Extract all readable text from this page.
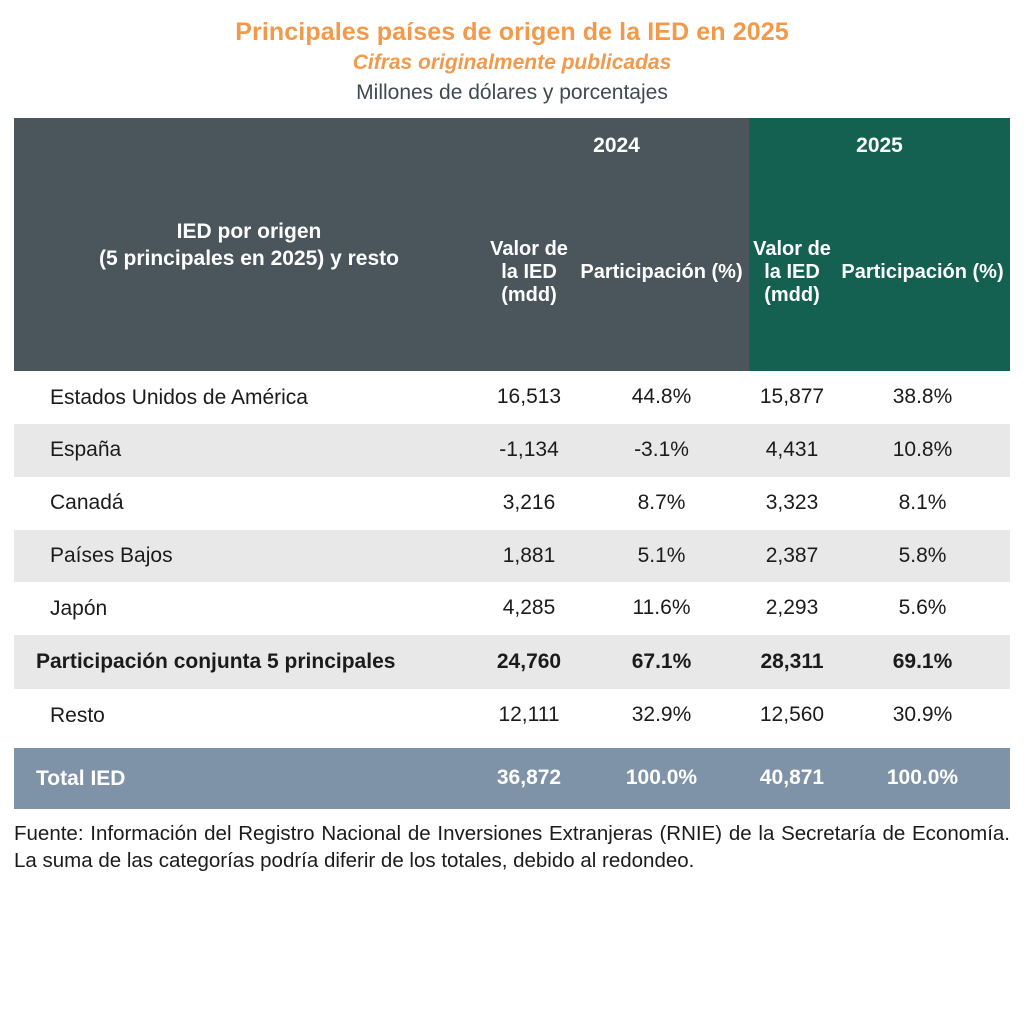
Principales países de origen de la IED en 2025
Cifras originalmente publicadas
Millones de dólares y porcentajes
IED por origen
(5 principales en 2025) y resto	2024		2025	
	Valor de la IED (mdd)	Participación (%)	Valor de la IED (mdd)	Participación (%)
Estados Unidos de América	16,513	44.8%	15,877	38.8%
España	-1,134	-3.1%	4,431	10.8%
Canadá	3,216	8.7%	3,323	8.1%
Países Bajos	1,881	5.1%	2,387	5.8%
Japón	4,285	11.6%	2,293	5.6%
Participación conjunta 5 principales	24,760	67.1%	28,311	69.1%
Resto	12,111	32.9%	12,560	30.9%

Total IED	36,872	100.0%	40,871	100.0%
Fuente: Información del Registro Nacional de Inversiones Extranjeras (RNIE) de la Secretaría de Economía. La suma de las categorías podría diferir de los totales, debido al redondeo.
